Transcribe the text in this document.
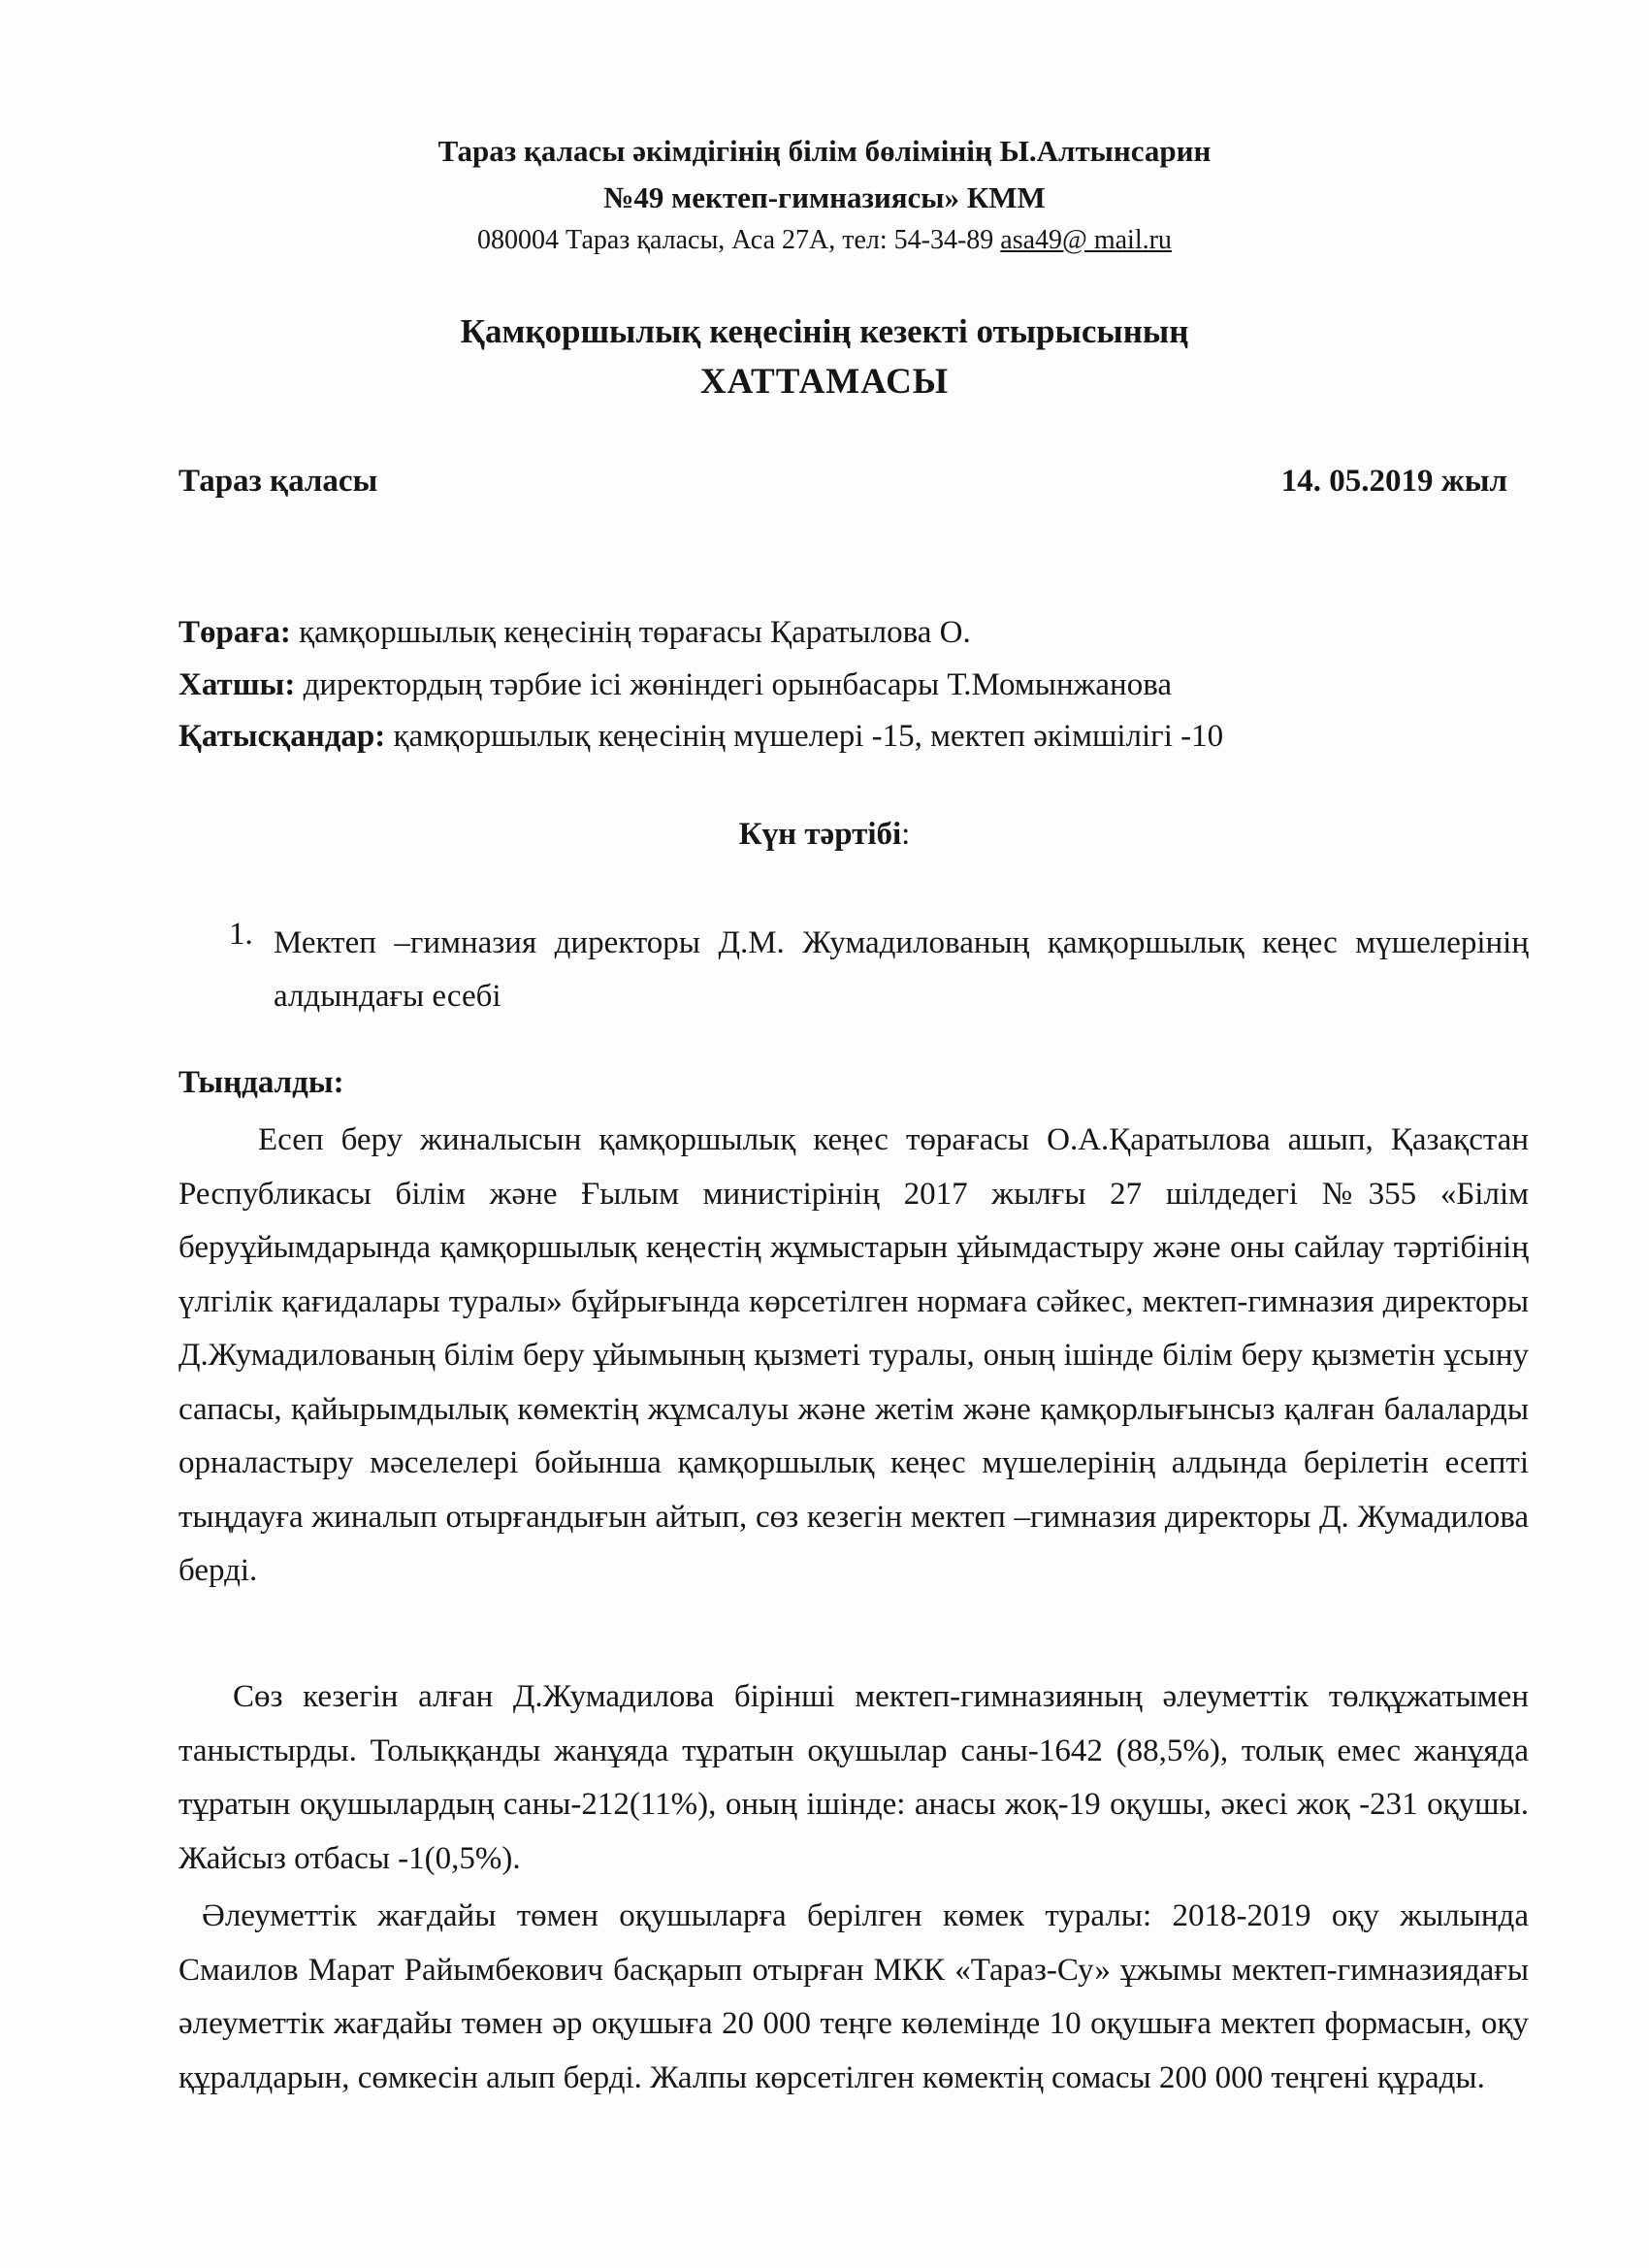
Тараз қаласы әкімдігінің білім бөлімінің Ы.Алтынсарин
№49 мектеп-гимназиясы» КММ
080004 Тараз қаласы, Аса 27А, тел: 54-34-89 asa49@ mail.ru
Қамқоршылық кеңесінің кезекті отырысының
ХАТТАМАСЫ
Тараз қаласы	14. 05.2019 жыл
Төраға: қамқоршылық кеңесінің төрағасы Қаратылова О.
Хатшы: директордың тәрбие ісі жөніндегі орынбасары Т.Момынжанова
Қатысқандар: қамқоршылық кеңесінің мүшелері -15, мектеп әкімшілігі -10
Күн тәртібі:
1. Мектеп –гимназия директоры Д.М. Жумадилованың қамқоршылық кеңес мүшелерінің алдындағы есебі
Тыңдалды:

Есеп беру жиналысын қамқоршылық кеңес төрағасы О.А.Қаратылова ашып, Қазақстан Республикасы білім және Ғылым министірінің 2017 жылғы 27 шілдедегі №355 «Білім беруұйымдарында қамқоршылық кеңестің жұмыстарын ұйымдастыру және оны сайлау тәртібінің үлгілік қағидалары туралы» бұйрығында көрсетілген нормаға сәйкес, мектеп-гимназия директоры Д.Жумадилованың білім беру ұйымының қызметі туралы, оның ішінде білім беру қызметін ұсыну сапасы, қайырымдылық көмектің жұмсалуы және жетім және қамқорлығынсыз қалған балаларды орналастыру мәселелері бойынша қамқоршылық кеңес мүшелерінің алдында берілетін есепті тыңдауға жиналып отырғандығын айтып, сөз кезегін мектеп –гимназия директоры Д. Жумадилова берді.

Сөз кезегін алған Д.Жумадилова бірінші мектеп-гимназияның әлеуметтік төлқұжатымен таныстырды. Толыққанды жанұяда тұратын оқушылар саны-1642 (88,5%), толық емес жанұяда тұратын оқушылардың саны-212(11%), оның ішінде: анасы жоқ-19 оқушы, әкесі жоқ -231 оқушы. Жайсыз отбасы -1(0,5%).

Әлеуметтік жағдайы төмен оқушыларға берілген көмек туралы: 2018-2019 оқу жылында Смаилов Марат Райымбекович басқарып отырған МКК «Тараз-Су» ұжымы мектеп-гимназиядағы әлеуметтік жағдайы төмен әр оқушыға 20 000 теңге көлемінде 10 оқушыға мектеп формасын, оқу құралдарын, сөмкесін алып берді. Жалпы көрсетілген көмектің сомасы 200 000 теңгені құрады.
